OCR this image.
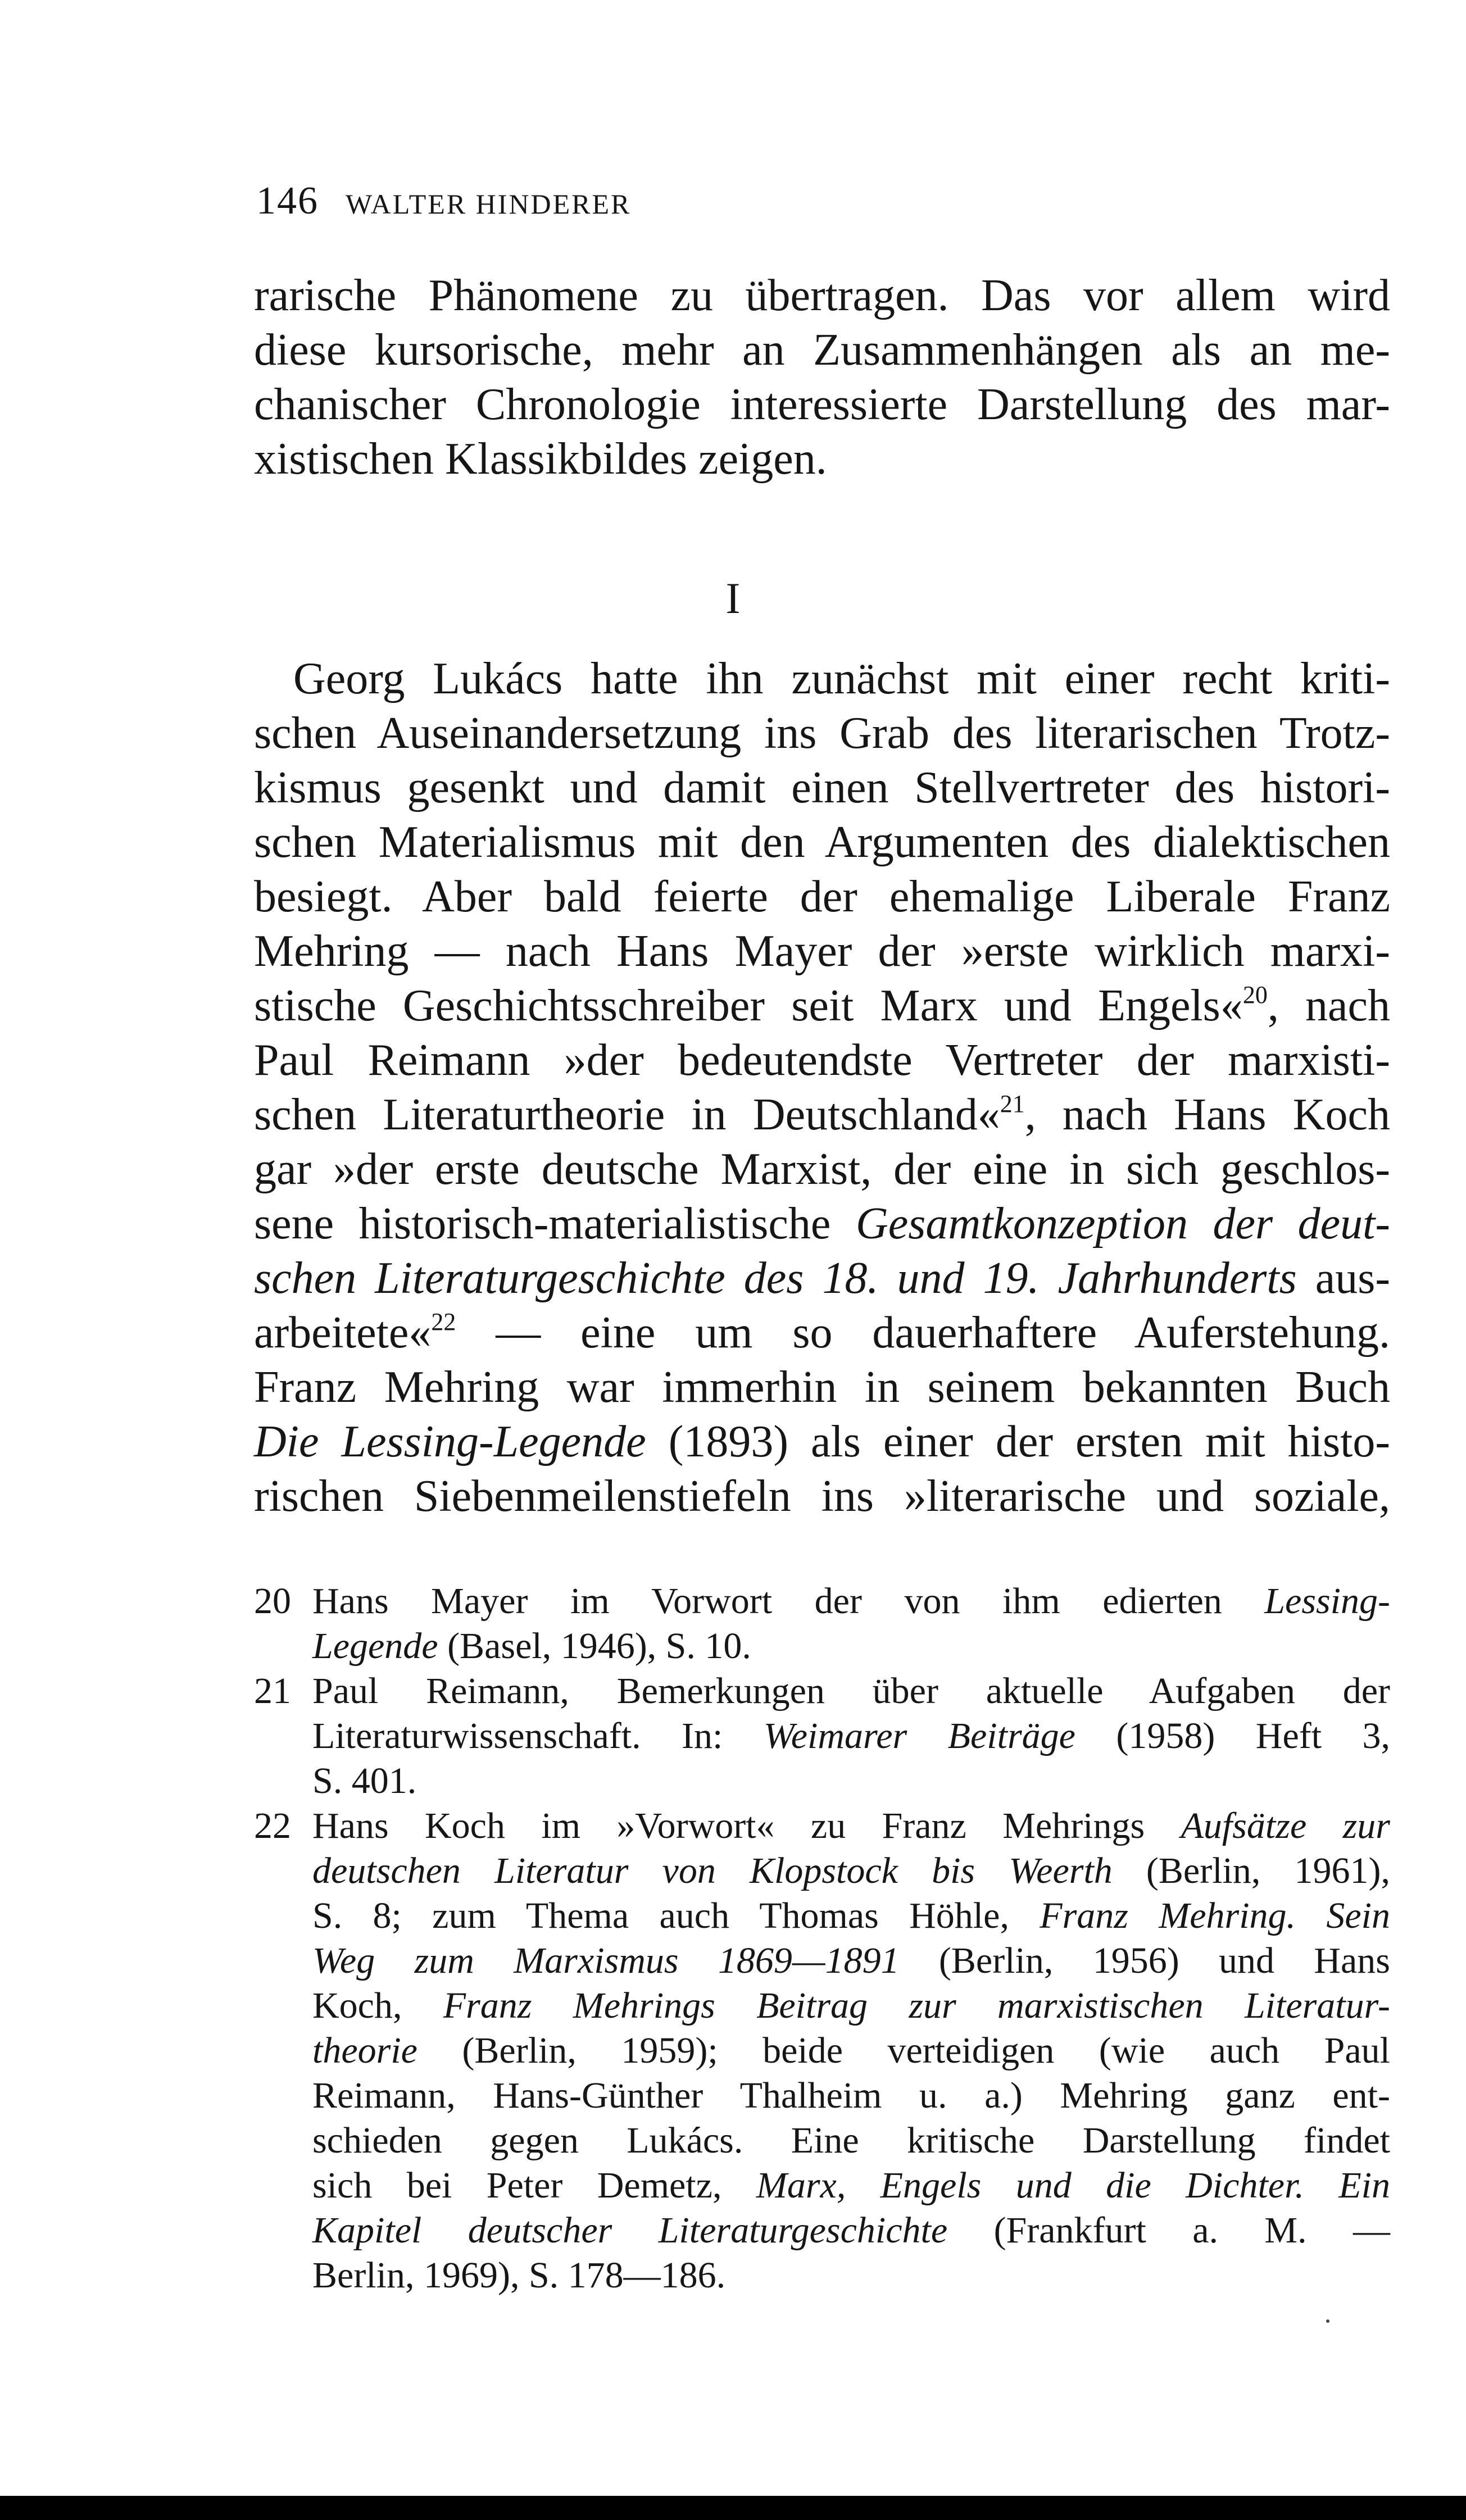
146 WALTER HINDERER
rarische Phänomene zu übertragen. Das vor allem wird
diese kursorische, mehr an Zusammenhängen als an me-
chanischer Chronologie interessierte Darstellung des mar-
xistischen Klassikbildes zeigen.
I
Georg Lukács hatte ihn zunächst mit einer recht kriti-
schen Auseinandersetzung ins Grab des literarischen Trotz-
kismus gesenkt und damit einen Stellvertreter des histori-
schen Materialismus mit den Argumenten des dialektischen
besiegt. Aber bald feierte der ehemalige Liberale Franz
Mehring — nach Hans Mayer der »erste wirklich marxi-
stische Geschichtsschreiber seit Marx und Engels«$^{20}$, nach
Paul Reimann »der bedeutendste Vertreter der marxisti-
schen Literaturtheorie in Deutschland«$^{21}$, nach Hans Koch
gar »der erste deutsche Marxist, der eine in sich geschlos-
sene historisch-materialistische Gesamtkonzeption der deut-
schen Literaturgeschichte des 18. und 19. Jahrhunderts aus-
arbeitete«$^{22}$ — eine um so dauerhaftere Auferstehung.
Franz Mehring war immerhin in seinem bekannten Buch
Die Lessing-Legende (1893) als einer der ersten mit histo-
rischen Siebenmeilenstiefeln ins »literarische und soziale,
20 Hans Mayer im Vorwort der von ihm edierten Lessing-
Legende (Basel, 1946), S. 10.
21 Paul Reimann, Bemerkungen über aktuelle Aufgaben der
Literaturwissenschaft. In: Weimarer Beiträge (1958) Heft 3,
S. 401.
22 Hans Koch im »Vorwort« zu Franz Mehrings Aufsätze zur
deutschen Literatur von Klopstock bis Weerth (Berlin, 1961),
S. 8; zum Thema auch Thomas Höhle, Franz Mehring. Sein
Weg zum Marxismus 1869—1891 (Berlin, 1956) und Hans
Koch, Franz Mehrings Beitrag zur marxistischen Literatur-
theorie (Berlin, 1959); beide verteidigen (wie auch Paul
Reimann, Hans-Günther Thalheim u. a.) Mehring ganz ent-
schieden gegen Lukács. Eine kritische Darstellung findet
sich bei Peter Demetz, Marx, Engels und die Dichter. Ein
Kapitel deutscher Literaturgeschichte (Frankfurt a. M. —
Berlin, 1969), S. 178—186.
